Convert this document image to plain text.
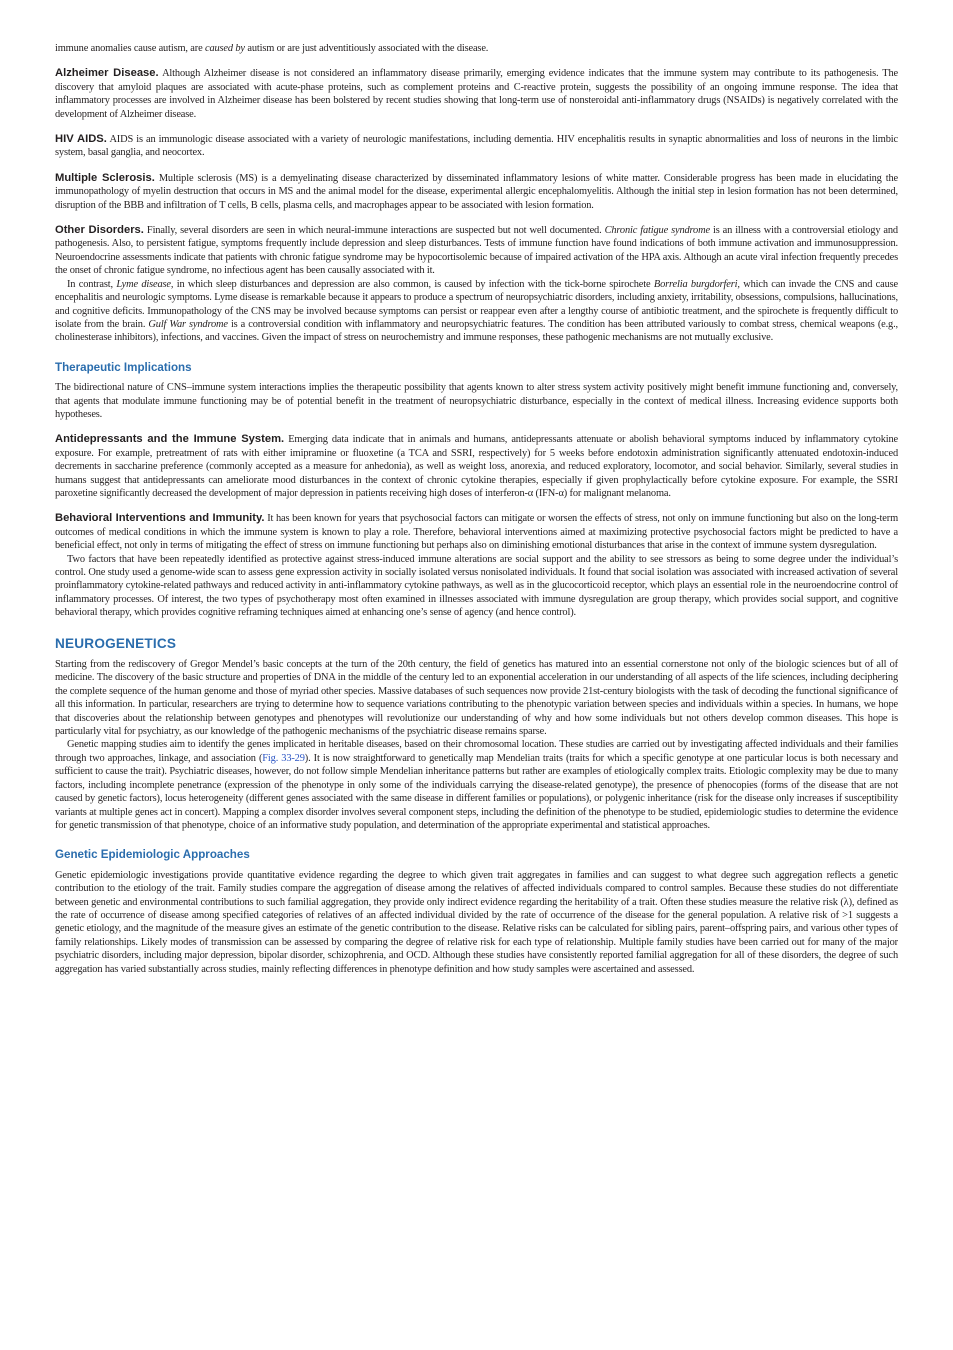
immune anomalies cause autism, are caused by autism or are just adventitiously associated with the disease.

Alzheimer Disease. Although Alzheimer disease is not considered an inflammatory disease primarily, emerging evidence indicates that the immune system may contribute to its pathogenesis. The discovery that amyloid plaques are associated with acute-phase proteins, such as complement proteins and C-reactive protein, suggests the possibility of an ongoing immune response. The idea that inflammatory processes are involved in Alzheimer disease has been bolstered by recent studies showing that long-term use of nonsteroidal anti-inflammatory drugs (NSAIDs) is negatively correlated with the development of Alzheimer disease.

HIV AIDS. AIDS is an immunologic disease associated with a variety of neurologic manifestations, including dementia. HIV encephalitis results in synaptic abnormalities and loss of neurons in the limbic system, basal ganglia, and neocortex.

Multiple Sclerosis. Multiple sclerosis (MS) is a demyelinating disease characterized by disseminated inflammatory lesions of white matter. Considerable progress has been made in elucidating the immunopathology of myelin destruction that occurs in MS and the animal model for the disease, experimental allergic encephalomyelitis. Although the initial step in lesion formation has not been determined, disruption of the BBB and infiltration of T cells, B cells, plasma cells, and macrophages appear to be associated with lesion formation.

Other Disorders. Finally, several disorders are seen in which neural-immune interactions are suspected but not well documented. Chronic fatigue syndrome is an illness with a controversial etiology and pathogenesis. Also, to persistent fatigue, symptoms frequently include depression and sleep disturbances. Tests of immune function have found indications of both immune activation and immunosuppression. Neuroendocrine assessments indicate that patients with chronic fatigue syndrome may be hypocortisolemic because of impaired activation of the HPA axis. Although an acute viral infection frequently precedes the onset of chronic fatigue syndrome, no infectious agent has been causally associated with it.

In contrast, Lyme disease, in which sleep disturbances and depression are also common, is caused by infection with the tick-borne spirochete Borrelia burgdorferi, which can invade the CNS and cause encephalitis and neurologic symptoms. Lyme disease is remarkable because it appears to produce a spectrum of neuropsychiatric disorders, including anxiety, irritability, obsessions, compulsions, hallucinations, and cognitive deficits. Immunopathology of the CNS may be involved because symptoms can persist or reappear even after a lengthy course of antibiotic treatment, and the spirochete is frequently difficult to isolate from the brain. Gulf War syndrome is a controversial condition with inflammatory and neuropsychiatric features. The condition has been attributed variously to combat stress, chemical weapons (e.g., cholinesterase inhibitors), infections, and vaccines. Given the impact of stress on neurochemistry and immune responses, these pathogenic mechanisms are not mutually exclusive.

Therapeutic Implications

The bidirectional nature of CNS–immune system interactions implies the therapeutic possibility that agents known to alter stress system activity positively might benefit immune functioning and, conversely, that agents that modulate immune functioning may be of potential benefit in the treatment of neuropsychiatric disturbance, especially in the context of medical illness. Increasing evidence supports both hypotheses.

Antidepressants and the Immune System. Emerging data indicate that in animals and humans, antidepressants attenuate or abolish behavioral symptoms induced by inflammatory cytokine exposure. For example, pretreatment of rats with either imipramine or fluoxetine (a TCA and SSRI, respectively) for 5 weeks before endotoxin administration significantly attenuated endotoxin-induced decrements in saccharine preference (commonly accepted as a measure for anhedonia), as well as weight loss, anorexia, and reduced exploratory, locomotor, and social behavior. Similarly, several studies in humans suggest that antidepressants can ameliorate mood disturbances in the context of chronic cytokine therapies, especially if given prophylactically before cytokine exposure. For example, the SSRI paroxetine significantly decreased the development of major depression in patients receiving high doses of interferon-α (IFN-α) for malignant melanoma.

Behavioral Interventions and Immunity. It has been known for years that psychosocial factors can mitigate or worsen the effects of stress, not only on immune functioning but also on the long-term outcomes of medical conditions in which the immune system is known to play a role. Therefore, behavioral interventions aimed at maximizing protective psychosocial factors might be predicted to have a beneficial effect, not only in terms of mitigating the effect of stress on immune functioning but perhaps also on diminishing emotional disturbances that arise in the context of immune system dysregulation.

Two factors that have been repeatedly identified as protective against stress-induced immune alterations are social support and the ability to see stressors as being to some degree under the individual’s control. One study used a genome-wide scan to assess gene expression activity in socially isolated versus nonisolated individuals. It found that social isolation was associated with increased activation of several proinflammatory cytokine-related pathways and reduced activity in anti-inflammatory cytokine pathways, as well as in the glucocorticoid receptor, which plays an essential role in the neuroendocrine control of inflammatory processes. Of interest, the two types of psychotherapy most often examined in illnesses associated with immune dysregulation are group therapy, which provides social support, and cognitive behavioral therapy, which provides cognitive reframing techniques aimed at enhancing one’s sense of agency (and hence control).

NEUROGENETICS

Starting from the rediscovery of Gregor Mendel’s basic concepts at the turn of the 20th century, the field of genetics has matured into an essential cornerstone not only of the biologic sciences but of all of medicine. The discovery of the basic structure and properties of DNA in the middle of the century led to an exponential acceleration in our understanding of all aspects of the life sciences, including deciphering the complete sequence of the human genome and those of myriad other species. Massive databases of such sequences now provide 21st-century biologists with the task of decoding the functional significance of all this information. In particular, researchers are trying to determine how to sequence variations contributing to the phenotypic variation between species and individuals within a species. In humans, we hope that discoveries about the relationship between genotypes and phenotypes will revolutionize our understanding of why and how some individuals but not others develop common diseases. This hope is particularly vital for psychiatry, as our knowledge of the pathogenic mechanisms of the psychiatric disease remains sparse.

Genetic mapping studies aim to identify the genes implicated in heritable diseases, based on their chromosomal location. These studies are carried out by investigating affected individuals and their families through two approaches, linkage, and association (Fig. 33-29). It is now straightforward to genetically map Mendelian traits (traits for which a specific genotype at one particular locus is both necessary and sufficient to cause the trait). Psychiatric diseases, however, do not follow simple Mendelian inheritance patterns but rather are examples of etiologically complex traits. Etiologic complexity may be due to many factors, including incomplete penetrance (expression of the phenotype in only some of the individuals carrying the disease-related genotype), the presence of phenocopies (forms of the disease that are not caused by genetic factors), locus heterogeneity (different genes associated with the same disease in different families or populations), or polygenic inheritance (risk for the disease only increases if susceptibility variants at multiple genes act in concert). Mapping a complex disorder involves several component steps, including the definition of the phenotype to be studied, epidemiologic studies to determine the evidence for genetic transmission of that phenotype, choice of an informative study population, and determination of the appropriate experimental and statistical approaches.

Genetic Epidemiologic Approaches

Genetic epidemiologic investigations provide quantitative evidence regarding the degree to which given trait aggregates in families and can suggest to what degree such aggregation reflects a genetic contribution to the etiology of the trait. Family studies compare the aggregation of disease among the relatives of affected individuals compared to control samples. Because these studies do not differentiate between genetic and environmental contributions to such familial aggregation, they provide only indirect evidence regarding the heritability of a trait. Often these studies measure the relative risk (λ), defined as the rate of occurrence of disease among specified categories of relatives of an affected individual divided by the rate of occurrence of the disease for the general population. A relative risk of >1 suggests a genetic etiology, and the magnitude of the measure gives an estimate of the genetic contribution to the disease. Relative risks can be calculated for sibling pairs, parent–offspring pairs, and various other types of family relationships. Likely modes of transmission can be assessed by comparing the degree of relative risk for each type of relationship. Multiple family studies have been carried out for many of the major psychiatric disorders, including major depression, bipolar disorder, schizophrenia, and OCD. Although these studies have consistently reported familial aggregation for all of these disorders, the degree of such aggregation has varied substantially across studies, mainly reflecting differences in phenotype definition and how study samples were ascertained and assessed.
